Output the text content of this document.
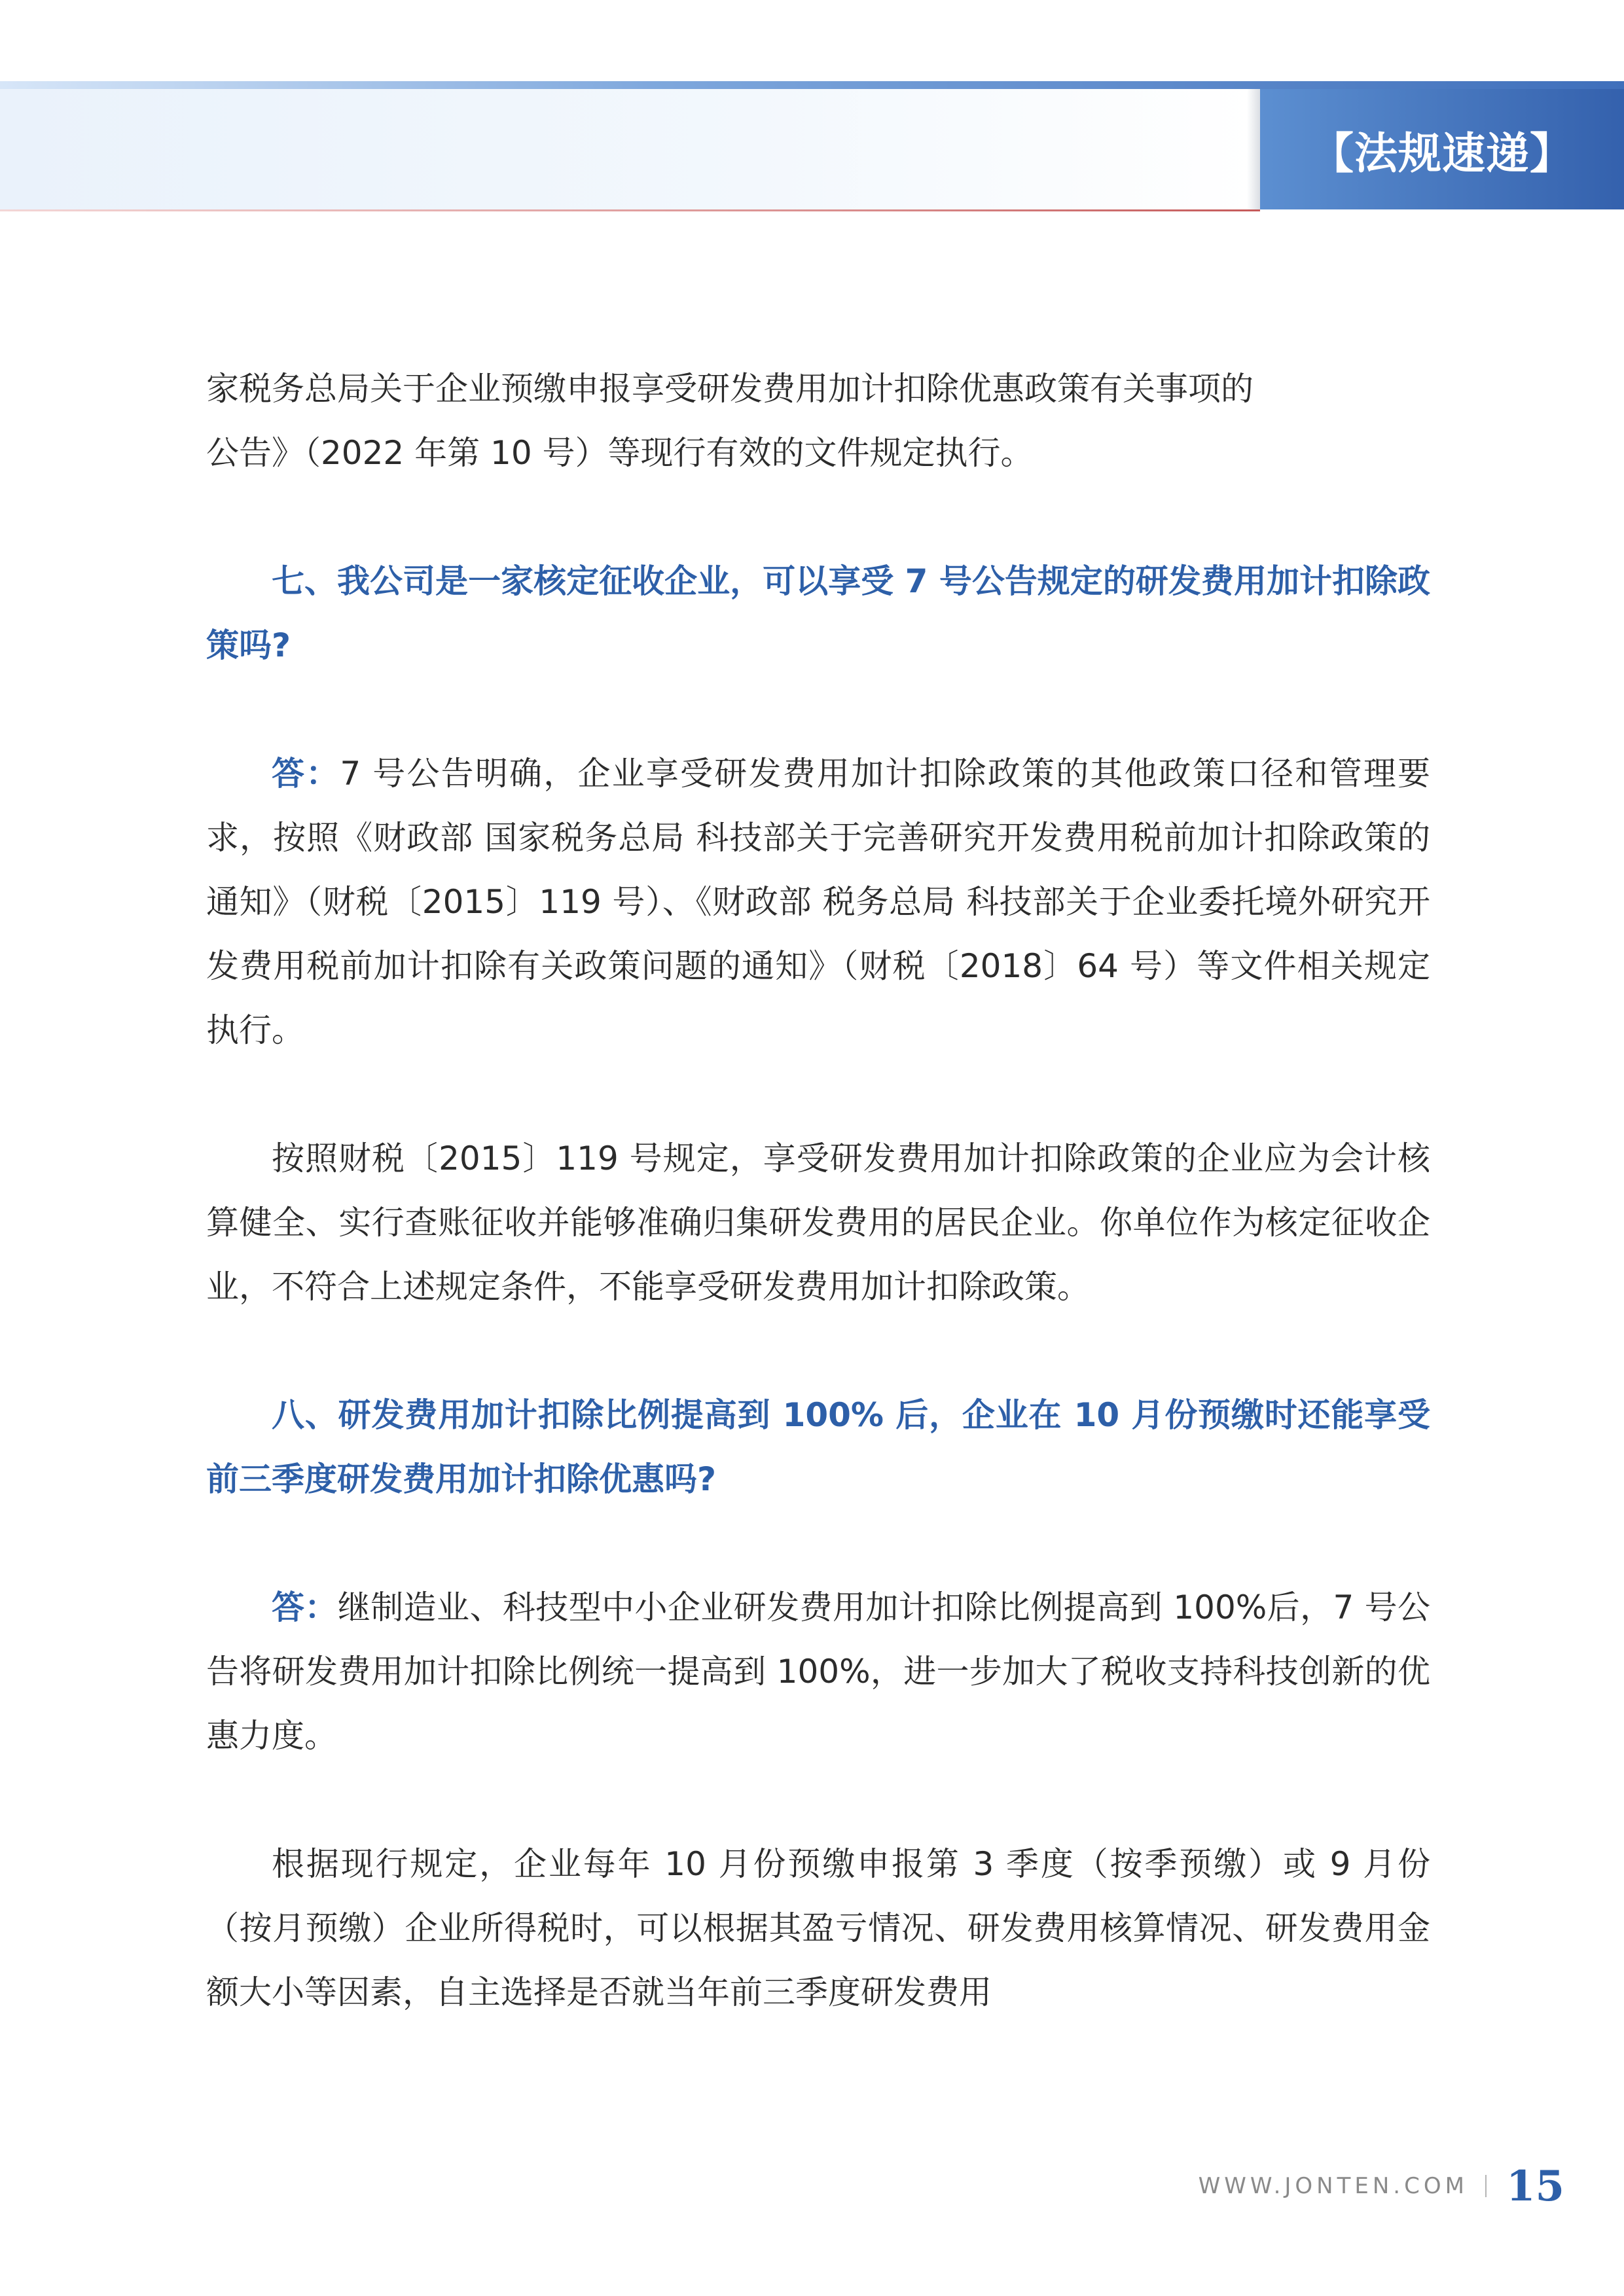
【法规速递】

家税务总局关于企业预缴申报享受研发费用加计扣除优惠政策有关事项的

公告》（2022 年第 10 号）等现行有效的文件规定执行。

七、我公司是一家核定征收企业，可以享受 7 号公告规定的研发费用加计扣除政策吗?

答：7 号公告明确，企业享受研发费用加计扣除政策的其他政策口径和管理要求，按照《财政部 国家税务总局 科技部关于完善研究开发费用税前加计扣除政策的通知》（财税〔2015〕119 号）、《财政部 税务总局 科技部关于企业委托境外研究开发费用税前加计扣除有关政策问题的通知》（财税〔2018〕64 号）等文件相关规定执行。

按照财税〔2015〕119 号规定，享受研发费用加计扣除政策的企业应为会计核算健全、实行查账征收并能够准确归集研发费用的居民企业。你单位作为核定征收企业，不符合上述规定条件，不能享受研发费用加计扣除政策。

八、研发费用加计扣除比例提高到 100% 后，企业在 10 月份预缴时还能享受前三季度研发费用加计扣除优惠吗?

答：继制造业、科技型中小企业研发费用加计扣除比例提高到 100%后，7 号公告将研发费用加计扣除比例统一提高到 100%，进一步加大了税收支持科技创新的优惠力度。

根据现行规定，企业每年 10 月份预缴申报第 3 季度（按季预缴）或 9 月份（按月预缴）企业所得税时，可以根据其盈亏情况、研发费用核算情况、研发费用金额大小等因素，自主选择是否就当年前三季度研发费用

WWW.JONTEN.COM 15
